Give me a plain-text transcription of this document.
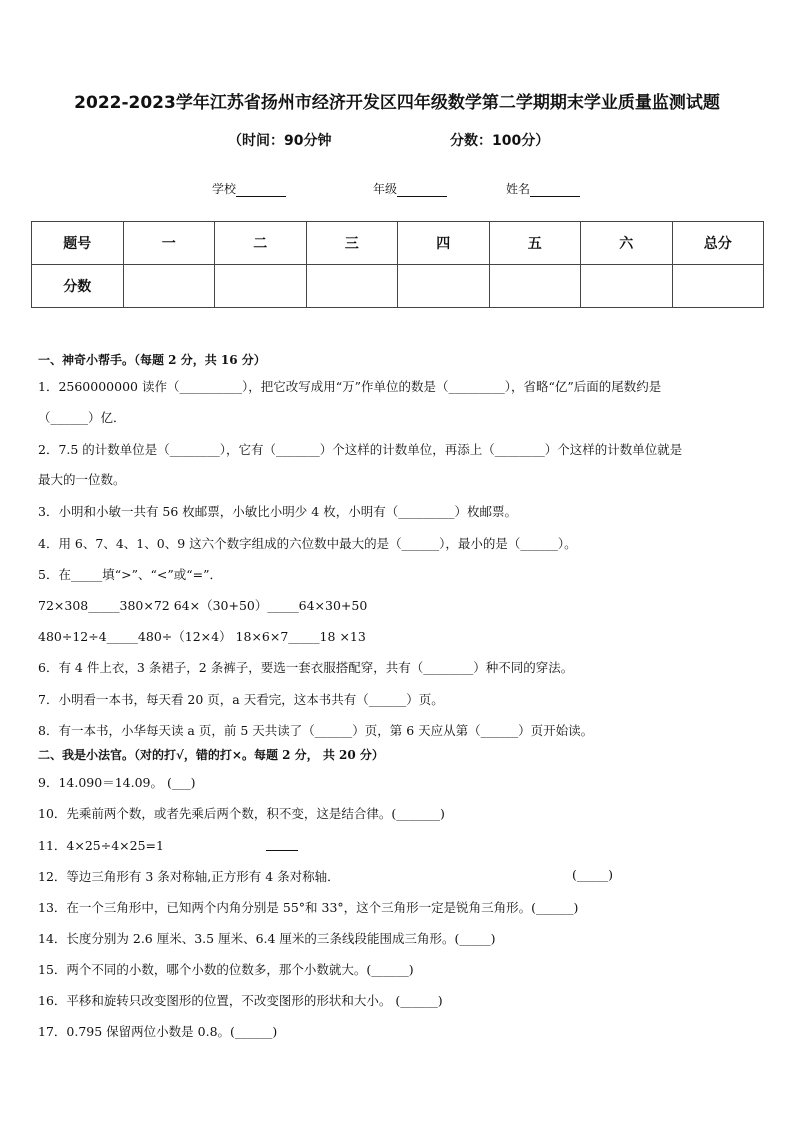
2022-2023学年江苏省扬州市经济开发区四年级数学第二学期期末学业质量监测试题
（时间：90分钟	分数：100分）
学校	年级	姓名
题号	一	二	三	四	五	六	总分
分数							
一、神奇小帮手。（每题 2 分，共 16 分）
1．2560000000 读作（__________），把它改写成用“万”作单位的数是（_________），省略“亿”后面的尾数约是
（______）亿．
2．7.5 的计数单位是（________），它有（_______）个这样的计数单位，再添上（________）个这样的计数单位就是
最大的一位数。
3．小明和小敏一共有 56 枚邮票，小敏比小明少 4 枚，小明有（_________）枚邮票。
4．用 6、7、4、1、0、9 这六个数字组成的六位数中最大的是（______），最小的是（______）。
5．在_____填“>”、“<”或“=”．
72×308_____380×72 64×（30+50）_____64×30+50
480÷12÷4_____480÷（12×4） 18×6×7_____18 ×13
6．有 4 件上衣，3 条裙子，2 条裤子，要选一套衣服搭配穿，共有（________）种不同的穿法。
7．小明看一本书，每天看 20 页，a 天看完，这本书共有（______）页。
8．有一本书，小华每天读 a 页，前 5 天共读了（______）页，第 6 天应从第（______）页开始读。
二、我是小法官。（对的打√，错的打×。每题 2 分， 共 20 分）
9．14.090＝14.09。 (___)
10．先乘前两个数，或者先乘后两个数，积不变，这是结合律。(_______)
11．4×25÷4×25=1
12．等边三角形有 3 条对称轴,正方形有 4 条对称轴．	(_____)
13．在一个三角形中，已知两个内角分别是 55°和 33°，这个三角形一定是锐角三角形。(______)
14．长度分别为 2.6 厘米、3.5 厘米、6.4 厘米的三条线段能围成三角形。(_____)
15．两个不同的小数，哪个小数的位数多，那个小数就大。(______)
16．平移和旋转只改变图形的位置，不改变图形的形状和大小。 (______)
17．0.795 保留两位小数是 0.8。(______)
